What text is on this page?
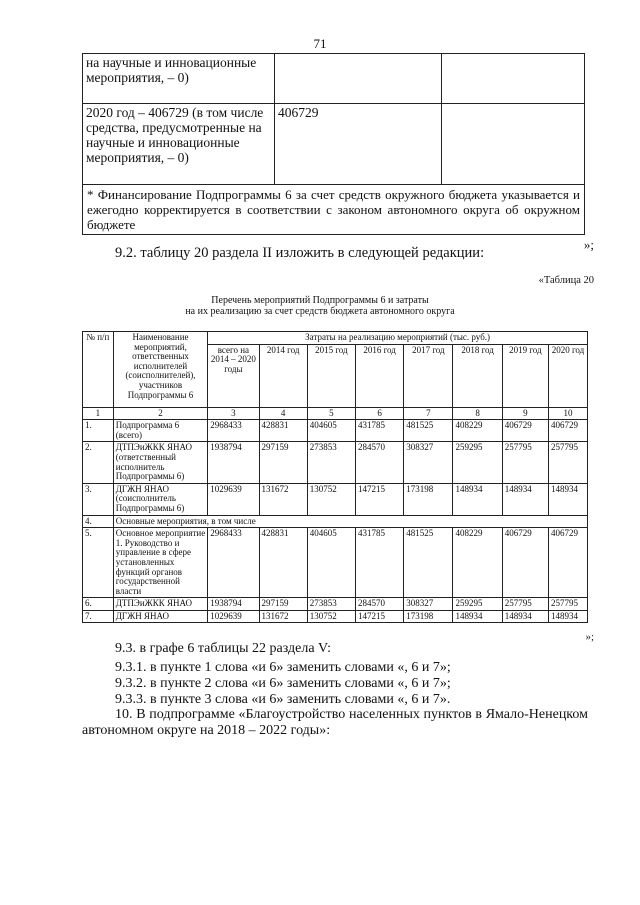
71
на научные и инновационные мероприятия, – 0)		
2020 год – 406729 (в том числе средства, предусмотренные на научные и инновационные мероприятия, – 0)	406729	
* Финансирование Подпрограммы 6 за счет средств окружного бюджета указывается и ежегодно корректируется в соответствии с законом автономного округа об окружном бюджете		
»;
9.2. таблицу 20 раздела II изложить в следующей редакции:
«Таблица 20
Перечень мероприятий Подпрограммы 6 и затраты
на их реализацию за счет средств бюджета автономного округа
№ п/п	Наименование мероприятий, ответственных исполнителей (соисполнителей), участников Подпрограммы 6	Затраты на реализацию мероприятий (тыс. руб.)							
		всего на 2014 – 2020 годы	2014 год	2015 год	2016 год	2017 год	2018 год	2019 год	2020 год
1	2	3	4	5	6	7	8	9	10
1.	Подпрограмма 6 (всего)	2968433	428831	404605	431785	481525	408229	406729	406729
2.	ДТПЭиЖКК ЯНАО (ответственный исполнитель Подпрограммы 6)	1938794	297159	273853	284570	308327	259295	257795	257795
3.	ДГЖН ЯНАО (соисполнитель Подпрограммы 6)	1029639	131672	130752	147215	173198	148934	148934	148934
4.	Основные мероприятия, в том числе								
5.	Основное мероприятие 1. Руководство и управление в сфере установленных функций органов государственной власти	2968433	428831	404605	431785	481525	408229	406729	406729
6.	ДТПЭиЖКК ЯНАО	1938794	297159	273853	284570	308327	259295	257795	257795
7.	ДГЖН ЯНАО	1029639	131672	130752	147215	173198	148934	148934	148934
»;
9.3. в графе 6 таблицы 22 раздела V:
9.3.1. в пункте 1 слова «и 6» заменить словами «, 6 и 7»;
9.3.2. в пункте 2 слова «и 6» заменить словами «, 6 и 7»;
9.3.3. в пункте 3 слова «и 6» заменить словами «, 6 и 7».
10. В подпрограмме «Благоустройство населенных пунктов в Ямало-Ненецком автономном округе на 2018 – 2022 годы»:
